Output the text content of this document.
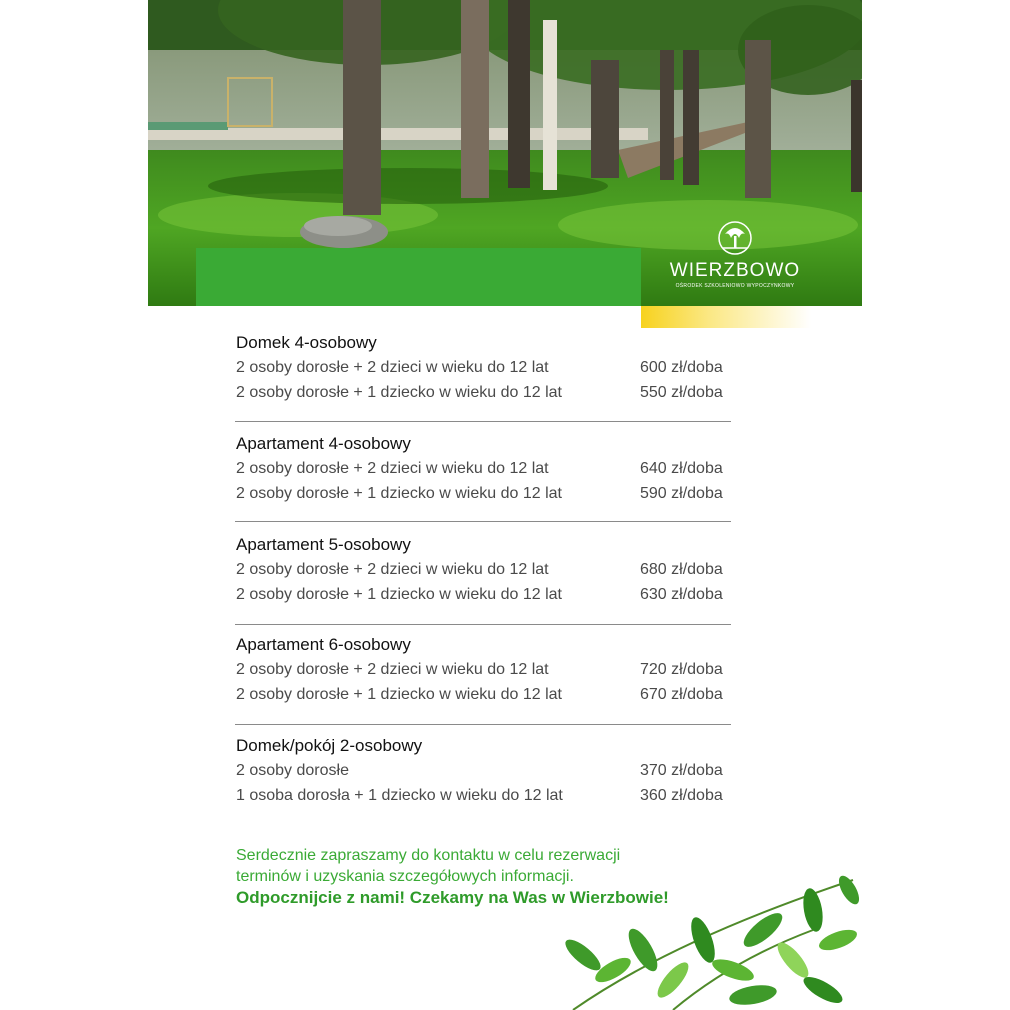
WIERZBOWO
OŚRODEK SZKOLENIOWO WYPOCZYNKOWY
Domek 4-osobowy
2 osoby dorosłe + 2 dzieci w wieku do 12 lat	600 zł/doba
2 osoby dorosłe + 1 dziecko w wieku do 12 lat	550 zł/doba
Apartament 4-osobowy
2 osoby dorosłe + 2 dzieci w wieku do 12 lat	640 zł/doba
2 osoby dorosłe + 1 dziecko w wieku do 12 lat	590 zł/doba
Apartament 5-osobowy
2 osoby dorosłe + 2 dzieci w wieku do 12 lat	680 zł/doba
2 osoby dorosłe + 1 dziecko w wieku do 12 lat	630 zł/doba
Apartament 6-osobowy
2 osoby dorosłe + 2 dzieci w wieku do 12 lat	720 zł/doba
2 osoby dorosłe + 1 dziecko w wieku do 12 lat	670 zł/doba
Domek/pokój 2-osobowy
2 osoby dorosłe	370 zł/doba
1 osoba dorosła + 1 dziecko w wieku do 12 lat	360 zł/doba
Serdecznie zapraszamy do kontaktu w celu rezerwacji
terminów i uzyskania szczegółowych informacji.
Odpocznijcie z nami! Czekamy na Was w Wierzbowie!
